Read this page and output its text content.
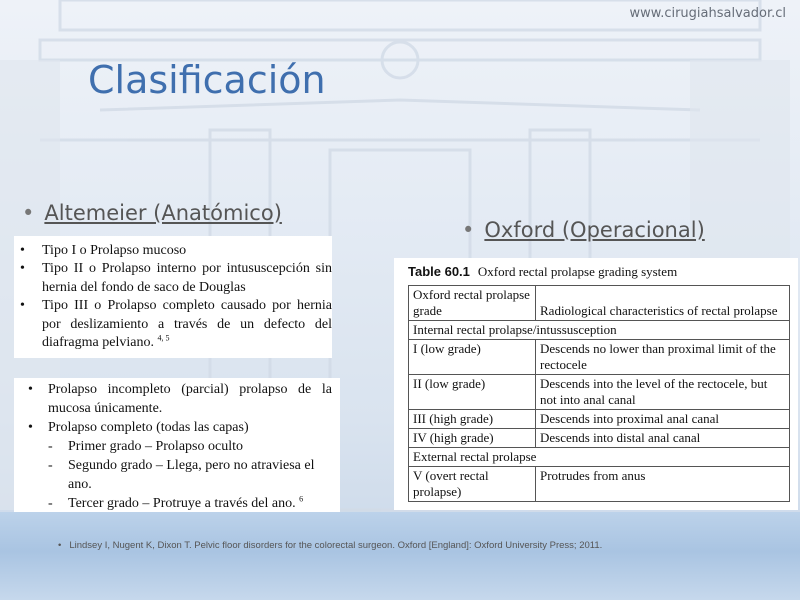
www.cirugiahsalvador.cl
Clasificación
• Altemeier (Anatómico)
• Oxford (Operacional)
• Tipo I o Prolapso mucoso
• Tipo II o Prolapso interno por intususcepción sin hernia del fondo de saco de Douglas
• Tipo III o Prolapso completo causado por hernia por deslizamiento a través de un defecto del diafragma pelviano. $^{4, 5}$
• Prolapso incompleto (parcial) prolapso de la mucosa únicamente.
• Prolapso completo (todas las capas)
- Primer grado – Prolapso oculto
- Segundo grado – Llega, pero no atraviesa el ano.
- Tercer grado – Protruye a través del ano. $^6$
Table 60.1 Oxford rectal prolapse grading system
Oxford rectal prolapse grade	Radiological characteristics of rectal prolapse
Internal rectal prolapse/intussusception	
I (low grade)	Descends no lower than proximal limit of the rectocele
II (low grade)	Descends into the level of the rectocele, but not into anal canal
III (high grade)	Descends into proximal anal canal
IV (high grade)	Descends into distal anal canal
External rectal prolapse	
V (overt rectal prolapse)	Protrudes from anus
• Lindsey I, Nugent K, Dixon T. Pelvic floor disorders for the colorectal surgeon. Oxford [England]: Oxford University Press; 2011.
